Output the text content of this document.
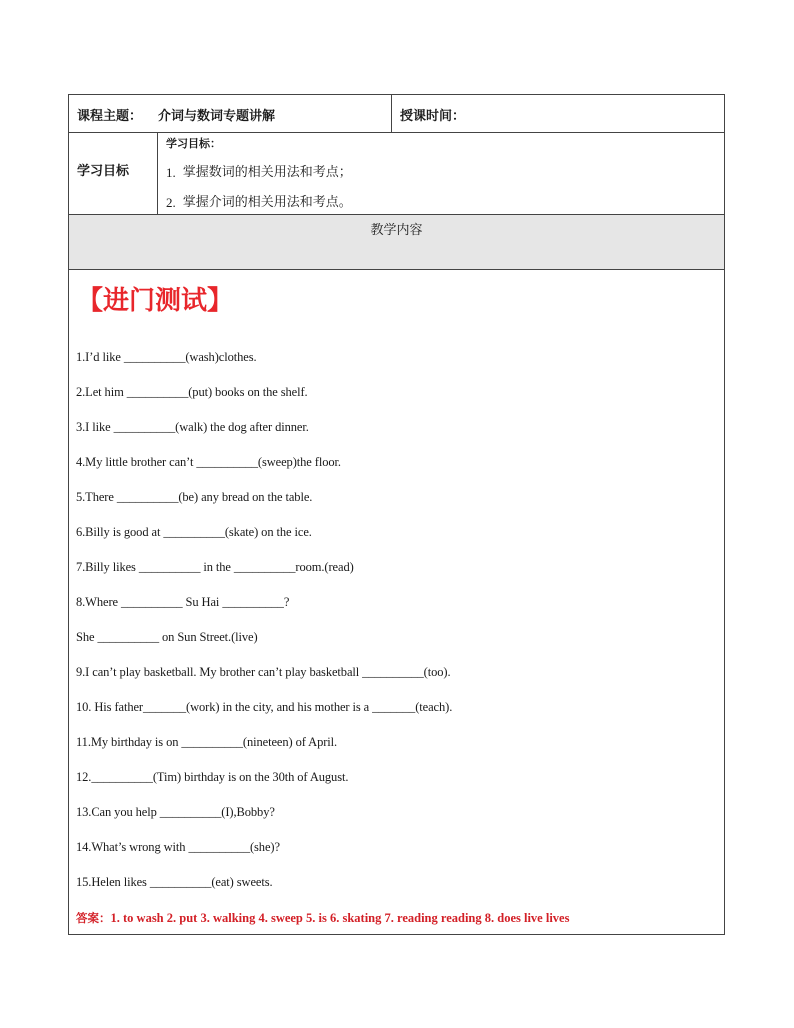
课程主题： 介词与数词专题讲解	授课时间：
学习目标
学习目标：
1. 掌握数词的相关用法和考点；
2. 掌握介词的相关用法和考点。
教学内容
【进门测试】
1.I’d like __________(wash)clothes.
2.Let him __________(put) books on the shelf.
3.I like __________(walk) the dog after dinner.
4.My little brother can’t __________(sweep)the floor.
5.There __________(be) any bread on the table.
6.Billy is good at __________(skate) on the ice.
7.Billy likes __________ in the __________room.(read)
8.Where __________ Su Hai __________?
She __________ on Sun Street.(live)
9.I can’t play basketball. My brother can’t play basketball __________(too).
10. His father_______(work) in the city, and his mother is a _______(teach).
11.My birthday is on __________(nineteen) of April.
12.__________(Tim) birthday is on the 30th of August.
13.Can you help __________(I),Bobby?
14.What’s wrong with __________(she)?
15.Helen likes __________(eat) sweets.
答案：1. to wash 2. put 3. walking 4. sweep 5. is 6. skating 7. reading reading 8. does live lives
